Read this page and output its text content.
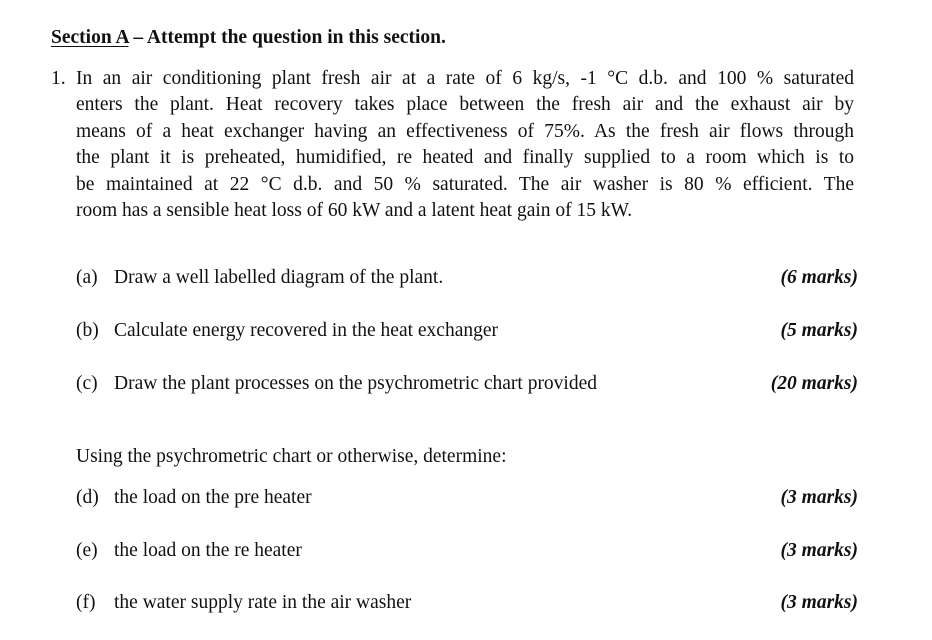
Section A – Attempt the question in this section.
1. In an air conditioning plant fresh air at a rate of 6 kg/s, -1 °C d.b. and 100 % saturated
enters the plant. Heat recovery takes place between the fresh air and the exhaust air by
means of a heat exchanger having an effectiveness of 75%. As the fresh air flows through
the plant it is preheated, humidified, re heated and finally supplied to a room which is to
be maintained at 22 °C d.b. and 50 % saturated. The air washer is 80 % efficient. The
room has a sensible heat loss of 60 kW and a latent heat gain of 15 kW.
(a) Draw a well labelled diagram of the plant.	(6 marks)
(b) Calculate energy recovered in the heat exchanger	(5 marks)
(c) Draw the plant processes on the psychrometric chart provided	(20 marks)
Using the psychrometric chart or otherwise, determine:
(d) the load on the pre heater	(3 marks)
(e) the load on the re heater	(3 marks)
(f) the water supply rate in the air washer	(3 marks)
